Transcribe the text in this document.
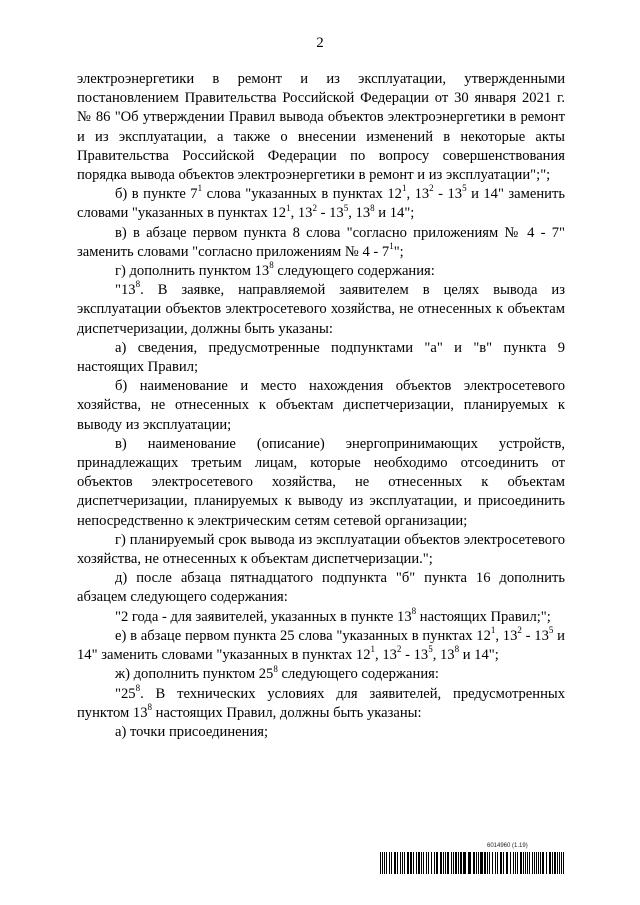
2

электроэнергетики в ремонт и из эксплуатации, утвержденными постановлением Правительства Российской Федерации от 30 января 2021 г. № 86 "Об утверждении Правил вывода объектов электроэнергетики в ремонт и из эксплуатации, а также о внесении изменений в некоторые акты Правительства Российской Федерации по вопросу совершенствования порядка вывода объектов электроэнергетики в ремонт и из эксплуатации";";

б) в пункте $7^1$ слова "указанных в пунктах $12^1$, $13^2 - 13^5$ и 14" заменить словами "указанных в пунктах $12^1$, $13^2 - 13^5$, $13^8$ и 14";

в) в абзаце первом пункта 8 слова "согласно приложениям № 4 - 7" заменить словами "согласно приложениям № $4 - 7^1$";

г) дополнить пунктом $13^8$ следующего содержания:

"$13^8$. В заявке, направляемой заявителем в целях вывода из эксплуатации объектов электросетевого хозяйства, не отнесенных к объектам диспетчеризации, должны быть указаны:

а) сведения, предусмотренные подпунктами "а" и "в" пункта 9 настоящих Правил;

б) наименование и место нахождения объектов электросетевого хозяйства, не отнесенных к объектам диспетчеризации, планируемых к выводу из эксплуатации;

в) наименование (описание) энергопринимающих устройств, принадлежащих третьим лицам, которые необходимо отсоединить от объектов электросетевого хозяйства, не отнесенных к объектам диспетчеризации, планируемых к выводу из эксплуатации, и присоединить непосредственно к электрическим сетям сетевой организации;

г) планируемый срок вывода из эксплуатации объектов электросетевого хозяйства, не отнесенных к объектам диспетчеризации.";

д) после абзаца пятнадцатого подпункта "б" пункта 16 дополнить абзацем следующего содержания:

"2 года - для заявителей, указанных в пункте $13^8$ настоящих Правил;";

е) в абзаце первом пункта 25 слова "указанных в пунктах $12^1$, $13^2 - 13^5$ и 14" заменить словами "указанных в пунктах $12^1$, $13^2 - 13^5$, $13^8$ и 14";

ж) дополнить пунктом $25^8$ следующего содержания:

"$25^8$. В технических условиях для заявителей, предусмотренных пунктом $13^8$ настоящих Правил, должны быть указаны:

а) точки присоединения;

6014960 (1.19)
